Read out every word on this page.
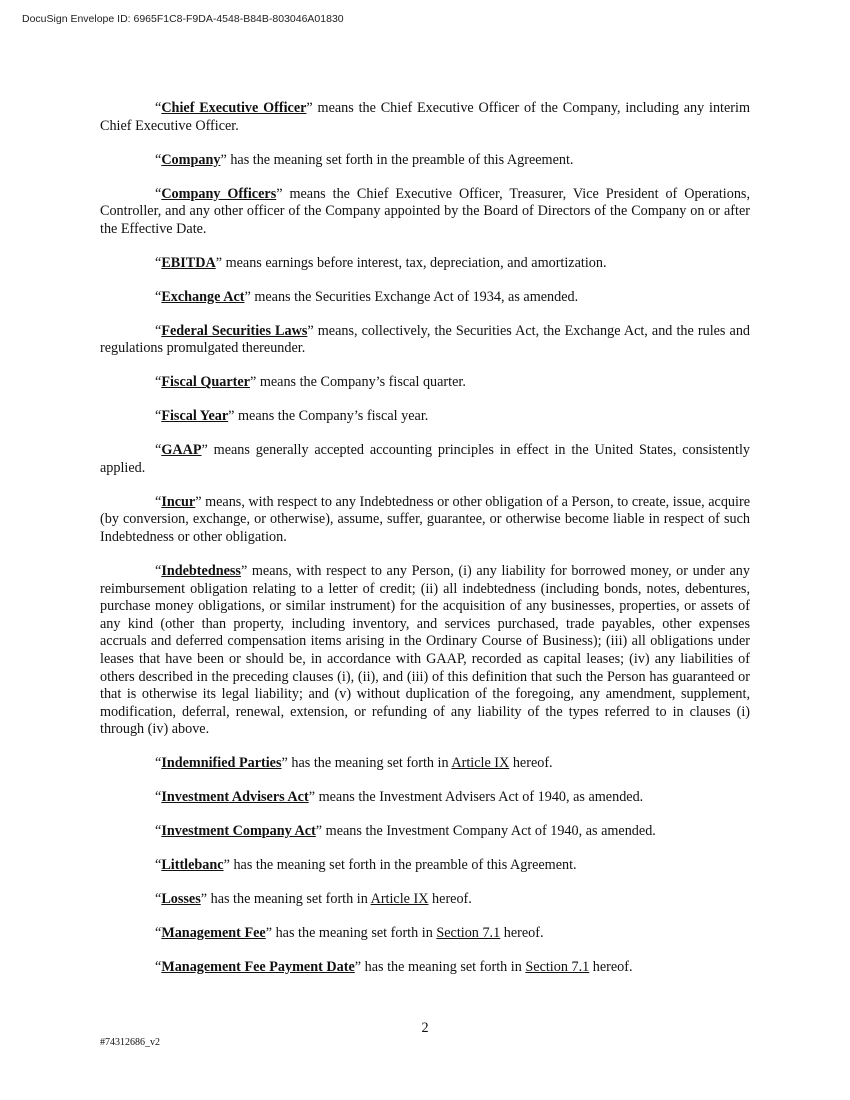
DocuSign Envelope ID: 6965F1C8-F9DA-4548-B84B-803046A01830

“Chief Executive Officer” means the Chief Executive Officer of the Company, including any interim Chief Executive Officer.

“Company” has the meaning set forth in the preamble of this Agreement.

“Company Officers” means the Chief Executive Officer, Treasurer, Vice President of Operations, Controller, and any other officer of the Company appointed by the Board of Directors of the Company on or after the Effective Date.

“EBITDA” means earnings before interest, tax, depreciation, and amortization.

“Exchange Act” means the Securities Exchange Act of 1934, as amended.

“Federal Securities Laws” means, collectively, the Securities Act, the Exchange Act, and the rules and regulations promulgated thereunder.

“Fiscal Quarter” means the Company’s fiscal quarter.

“Fiscal Year” means the Company’s fiscal year.

“GAAP” means generally accepted accounting principles in effect in the United States, consistently applied.

“Incur” means, with respect to any Indebtedness or other obligation of a Person, to create, issue, acquire (by conversion, exchange, or otherwise), assume, suffer, guarantee, or otherwise become liable in respect of such Indebtedness or other obligation.

“Indebtedness” means, with respect to any Person, (i) any liability for borrowed money, or under any reimbursement obligation relating to a letter of credit; (ii) all indebtedness (including bonds, notes, debentures, purchase money obligations, or similar instrument) for the acquisition of any businesses, properties, or assets of any kind (other than property, including inventory, and services purchased, trade payables, other expenses accruals and deferred compensation items arising in the Ordinary Course of Business); (iii) all obligations under leases that have been or should be, in accordance with GAAP, recorded as capital leases; (iv) any liabilities of others described in the preceding clauses (i), (ii), and (iii) of this definition that such the Person has guaranteed or that is otherwise its legal liability; and (v) without duplication of the foregoing, any amendment, supplement, modification, deferral, renewal, extension, or refunding of any liability of the types referred to in clauses (i) through (iv) above.

“Indemnified Parties” has the meaning set forth in Article IX hereof.

“Investment Advisers Act” means the Investment Advisers Act of 1940, as amended.

“Investment Company Act” means the Investment Company Act of 1940, as amended.

“Littlebanc” has the meaning set forth in the preamble of this Agreement.

“Losses” has the meaning set forth in Article IX hereof.

“Management Fee” has the meaning set forth in Section 7.1 hereof.

“Management Fee Payment Date” has the meaning set forth in Section 7.1 hereof.

2

#74312686_v2
